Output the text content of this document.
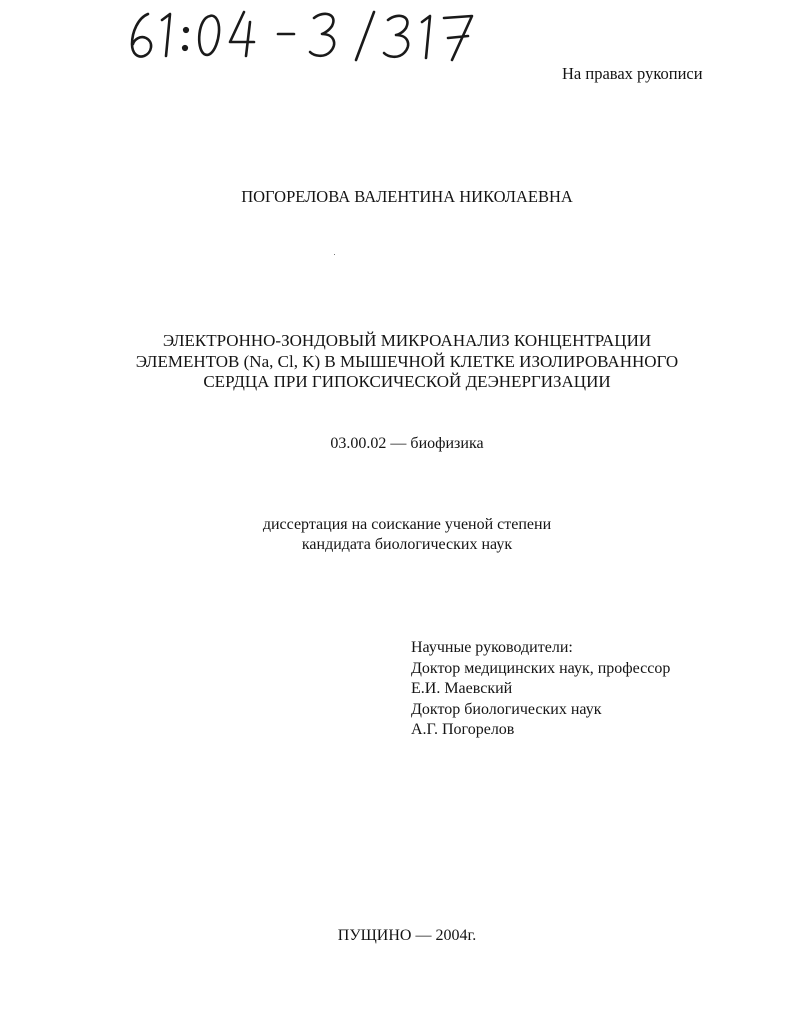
На правах рукописи
ПОГОРЕЛОВА ВАЛЕНТИНА НИКОЛАЕВНА
ЭЛЕКТРОННО-ЗОНДОВЫЙ МИКРОАНАЛИЗ КОНЦЕНТРАЦИИ
ЭЛЕМЕНТОВ (Na, Cl, K) В МЫШЕЧНОЙ КЛЕТКЕ ИЗОЛИРОВАННОГО
СЕРДЦА ПРИ ГИПОКСИЧЕСКОЙ ДЕЭНЕРГИЗАЦИИ
03.00.02 — биофизика
диссертация на соискание ученой степени
кандидата биологических наук
Научные руководители:
Доктор медицинских наук, профессор
Е.И. Маевский
Доктор биологических наук
А.Г. Погорелов
ПУЩИНО — 2004г.
